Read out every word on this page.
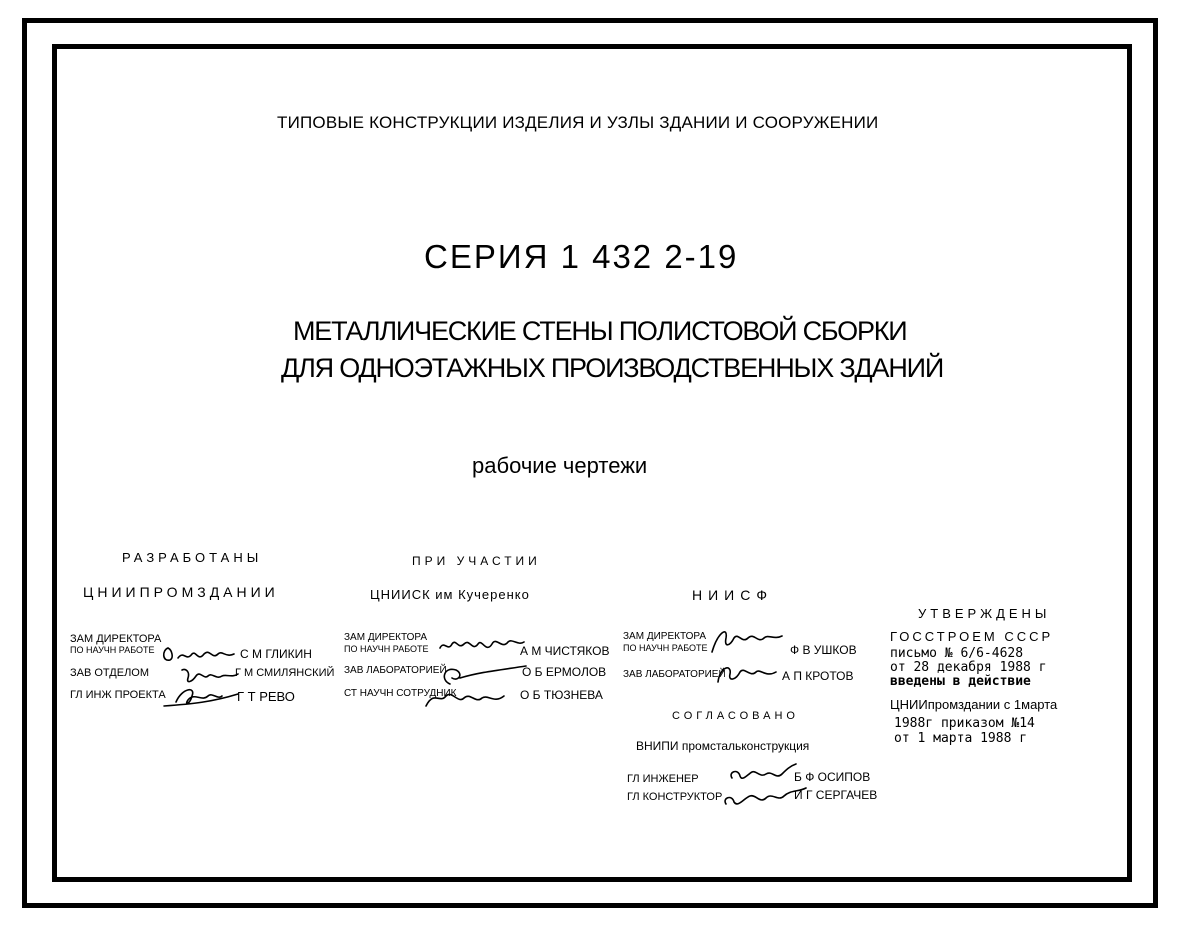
ТИПОВЫЕ КОНСТРУКЦИИ ИЗДЕЛИЯ И УЗЛЫ ЗДАНИИ И СООРУЖЕНИИ
СЕРИЯ 1 432 2-19
МЕТАЛЛИЧЕСКИЕ СТЕНЫ ПОЛИСТОВОЙ СБОРКИ
ДЛЯ ОДНОЭТАЖНЫХ ПРОИЗВОДСТВЕННЫХ ЗДАНИЙ
рабочие чертежи
РАЗРАБОТАНЫ
ЦНИИПРОМЗДАНИИ
ЗАМ ДИРЕКТОРА
ПО НАУЧН РАБОТЕ	С М ГЛИКИН
ЗАВ ОТДЕЛОМ	Г М СМИЛЯНСКИЙ
ГЛ ИНЖ ПРОЕКТА	Г Т РЕВО
ПРИ УЧАСТИИ
ЦНИИСК им Кучеренко
ЗАМ ДИРЕКТОРА
ПО НАУЧН РАБОТЕ	А М ЧИСТЯКОВ
ЗАВ ЛАБОРАТОРИЕЙ	О Б ЕРМОЛОВ
СТ НАУЧН СОТРУДНИК	О Б ТЮЗНЕВА
НИИСФ
ЗАМ ДИРЕКТОРА
ПО НАУЧН РАБОТЕ	Ф В УШКОВ
ЗАВ ЛАБОРАТОРИЕЙ	А П КРОТОВ
СОГЛАСОВАНО
ВНИПИ промстальконструкция
ГЛ ИНЖЕНЕР	Б Ф ОСИПОВ
ГЛ КОНСТРУКТОР	И Г СЕРГАЧЕВ
УТВЕРЖДЕНЫ
ГОССТРОЕМ СССР
письмо № 6/6-4628
от 28 декабря 1988 г
введены в действие
ЦНИИпромздании с 1марта
1988г приказом №14
от 1 марта 1988 г
